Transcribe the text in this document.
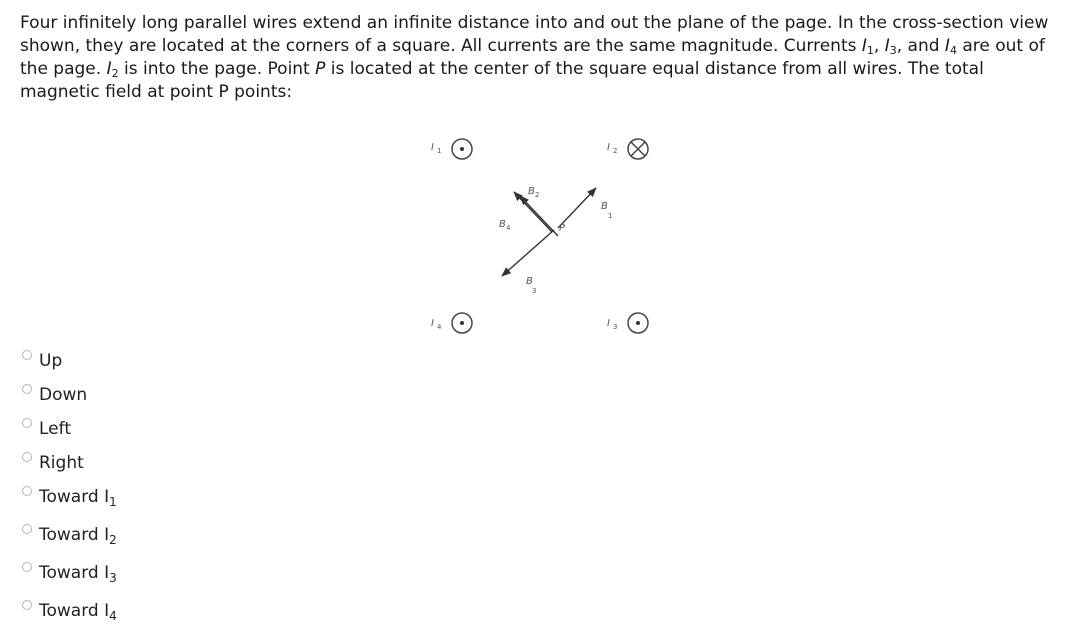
Four infinitely long parallel wires extend an infinite distance into and out the plane of the page. In the cross-section view shown, they are located at the corners of a square. All currents are the same magnitude. Currents $I_1$, $I_3$, and $I_4$ are out of the page. $I_2$ is into the page. Point P is located at the center of the square equal distance from all wires. The total magnetic field at point P points:

I 1	I 2
I 4	I 3
B 2
B 4
B
1
B
3
P
Up
Down
Left
Right
Toward $I_1$
Toward $I_2$
Toward $I_3$
Toward $I_4$
